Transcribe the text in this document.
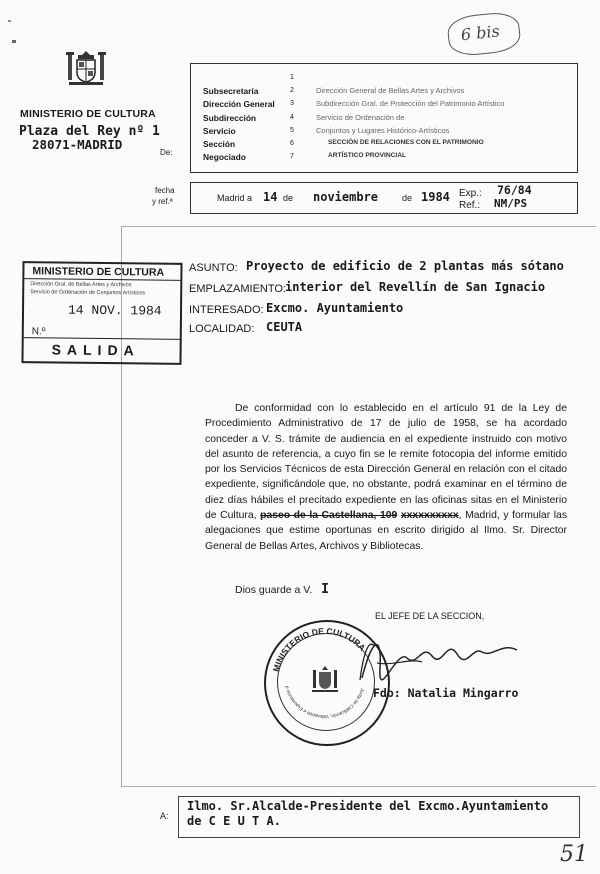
6 bis
MINISTERIO DE CULTURA
Plaza del Rey nº 1
28071-MADRID
De:
1
Subsecretaría	2	Dirección General de Bellas Artes y Archivos
Dirección General 3	Subdirección Gral. de Protección del Patrimonio Artístico
Subdirección	4	Servicio de Ordenación de
Servicio	5	Conjuntos y Lugares Histórico-Artísticos
Sección	6	SECCIÓN DE RELACIONES CON EL PATRIMONIO
Negociado	7	ARTÍSTICO PROVINCIAL
fecha
y ref.ª	Madrid a 14 de noviembre	de 1984 Exp.: 76/84
Ref.: NM/PS
MINISTERIO DE CULTURA
Dirección Gral. de Bellas Artes y Archivos
Servicio de Ordenación de Conjuntos Artísticos
14 NOV. 1984
N.º
SALIDA
ASUNTO: Proyecto de edificio de 2 plantas más sótano
EMPLAZAMIENTO: interior del Revellín de San Ignacio
INTERESADO: Excmo. Ayuntamiento
LOCALIDAD: CEUTA

De conformidad con lo establecido en el artículo 91 de la Ley de Procedimiento Administrativo de 17 de julio de 1958, se ha acordado conceder a V. S. trámite de audiencia en el expediente instruido con motivo del asunto de referencia, a cuyo fin se le remite fotocopia del informe emitido por los Servicios Técnicos de esta Dirección General en relación con el citado expediente, significándole que, no obstante, podrá examinar en el término de diez días hábiles el precitado expediente en las oficinas sitas en el Ministerio de Cultura, paseo de la Castellana, 109 xxxxxxxxxx, Madrid, y formular las alegaciones que estime oportunas en escrito dirigido al Ilmo. Sr. Director General de Bellas Artes, Archivos y Bibliotecas.

Dios guarde a V. I
EL JEFE DE LA SECCION,
MINISTERIO DE CULTURA
Junta de Calificación, Valoración e Exportación d	Fdo: Natalia Mingarro
A:
Ilmo. Sr.Alcalde-Presidente del Excmo.Ayuntamiento
de C E U T A.
51
